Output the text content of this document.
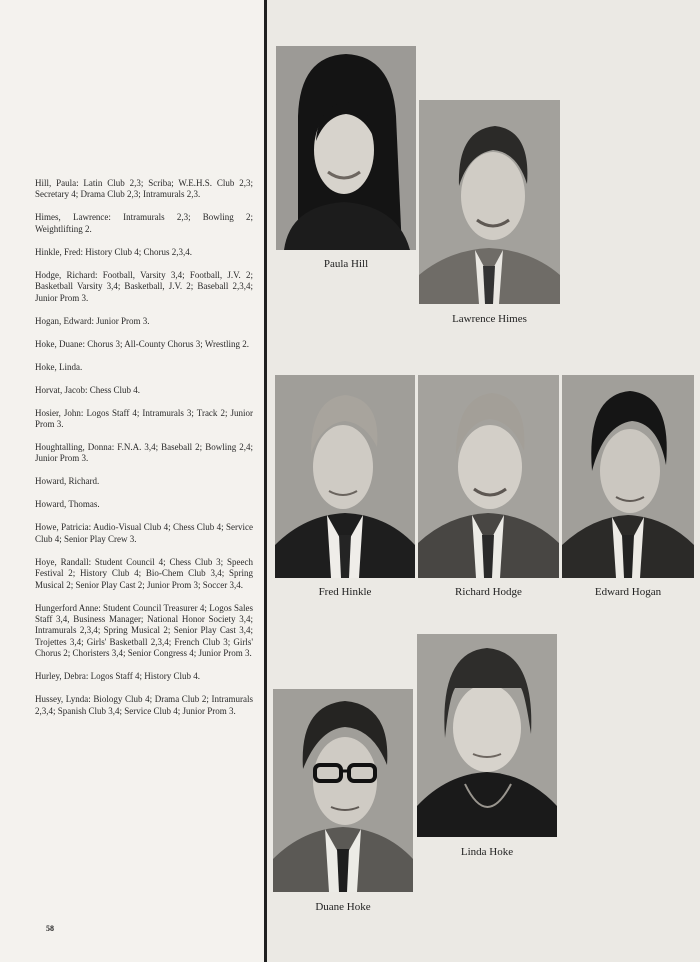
Hill, Paula: Latin Club 2,3; Scriba; W.E.H.S. Club 2,3; Secretary 4; Drama Club 2,3; Intramurals 2,3.

Himes, Lawrence: Intramurals 2,3; Bowling 2; Weightlifting 2.

Hinkle, Fred: History Club 4; Chorus 2,3,4.

Hodge, Richard: Football, Varsity 3,4; Football, J.V. 2; Basketball Varsity 3,4; Basketball, J.V. 2; Baseball 2,3,4; Junior Prom 3.

Hogan, Edward: Junior Prom 3.

Hoke, Duane: Chorus 3; All-County Chorus 3; Wrestling 2.

Hoke, Linda.

Horvat, Jacob: Chess Club 4.

Hosier, John: Logos Staff 4; Intramurals 3; Track 2; Junior Prom 3.

Houghtalling, Donna: F.N.A. 3,4; Baseball 2; Bowling 2,4; Junior Prom 3.

Howard, Richard.

Howard, Thomas.

Howe, Patricia: Audio-Visual Club 4; Chess Club 4; Service Club 4; Senior Play Crew 3.

Hoye, Randall: Student Council 4; Chess Club 3; Speech Festival 2; History Club 4; Bio-Chem Club 3,4; Spring Musical 2; Senior Play Cast 2; Junior Prom 3; Soccer 3,4.

Hungerford Anne: Student Council Treasurer 4; Logos Sales Staff 3,4, Business Manager; National Honor Society 3,4; Intramurals 2,3,4; Spring Musical 2; Senior Play Cast 3,4; Trojettes 3,4; Girls' Basketball 2,3,4; French Club 3; Girls' Chorus 2; Choristers 3,4; Senior Congress 4; Junior Prom 3.

Hurley, Debra: Logos Staff 4; History Club 4.

Hussey, Lynda: Biology Club 4; Drama Club 2; Intramurals 2,3,4; Spanish Club 3,4; Service Club 4; Junior Prom 3.

58
Paula Hill
Lawrence Himes
Fred Hinkle	Richard Hodge	Edward Hogan
Linda Hoke
Duane Hoke
